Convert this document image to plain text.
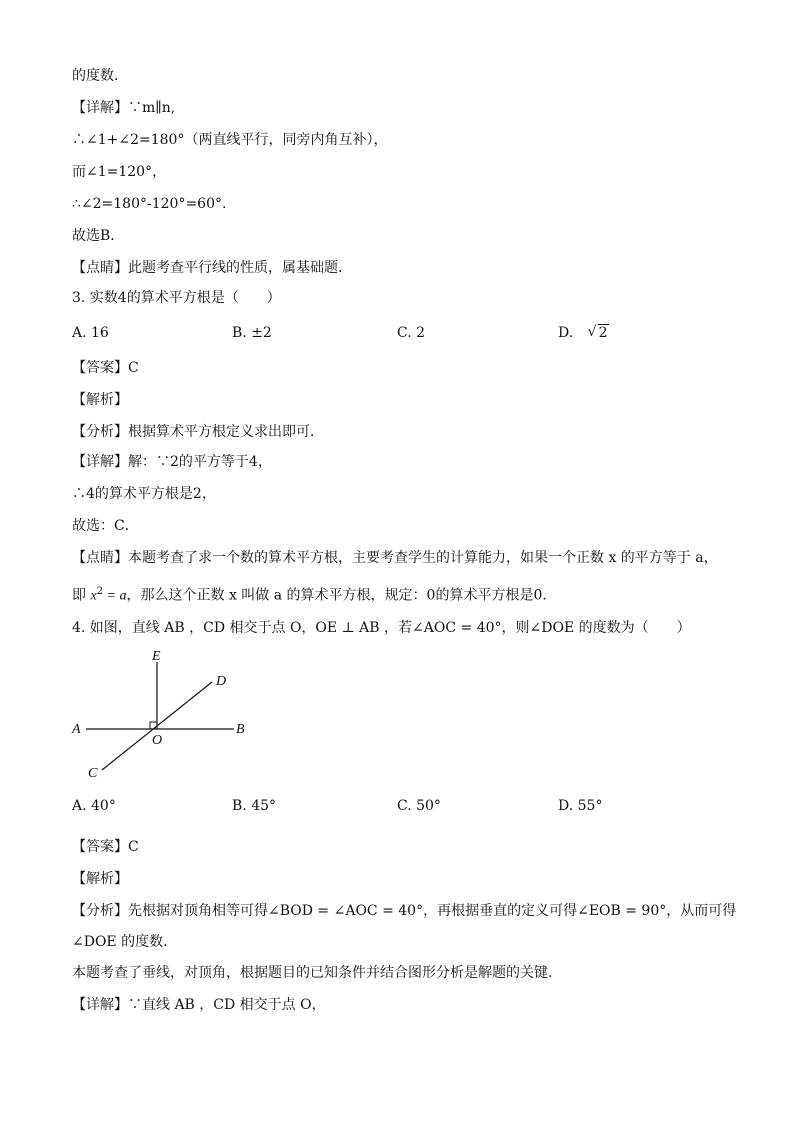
的度数．
【详解】∵m∥n,
∴∠1+∠2=180°（两直线平行，同旁内角互补），
而∠1=120°，
∴∠2=180°-120°=60°.
故选B．
【点睛】此题考查平行线的性质，属基础题．
3. 实数4的算术平方根是（　　）
A. 16	B. ±2	C. 2	D. √ 2
【答案】C
【解析】
【分析】根据算术平方根定义求出即可．
【详解】解：∵2的平方等于4，
∴4的算术平方根是2，
故选：C．
【点睛】本题考查了求一个数的算术平方根，主要考查学生的计算能力，如果一个正数 x 的平方等于 a，
即 $x^2 = a$，那么这个正数 x 叫做 a 的算术平方根，规定：0的算术平方根是0．
4. 如图，直线 AB ，CD 相交于点 O，OE ⊥ AB ，若∠AOC = 40°，则∠DOE 的度数为（　　）
E
D
A
O
B
C
A. 40°	B. 45°	C. 50°	D. 55°
【答案】C
【解析】
【分析】先根据对顶角相等可得∠BOD = ∠AOC = 40°，再根据垂直的定义可得∠EOB = 90°，从而可得
∠DOE 的度数．
本题考查了垂线，对顶角，根据题目的已知条件并结合图形分析是解题的关键．
【详解】∵直线 AB ，CD 相交于点 O，
